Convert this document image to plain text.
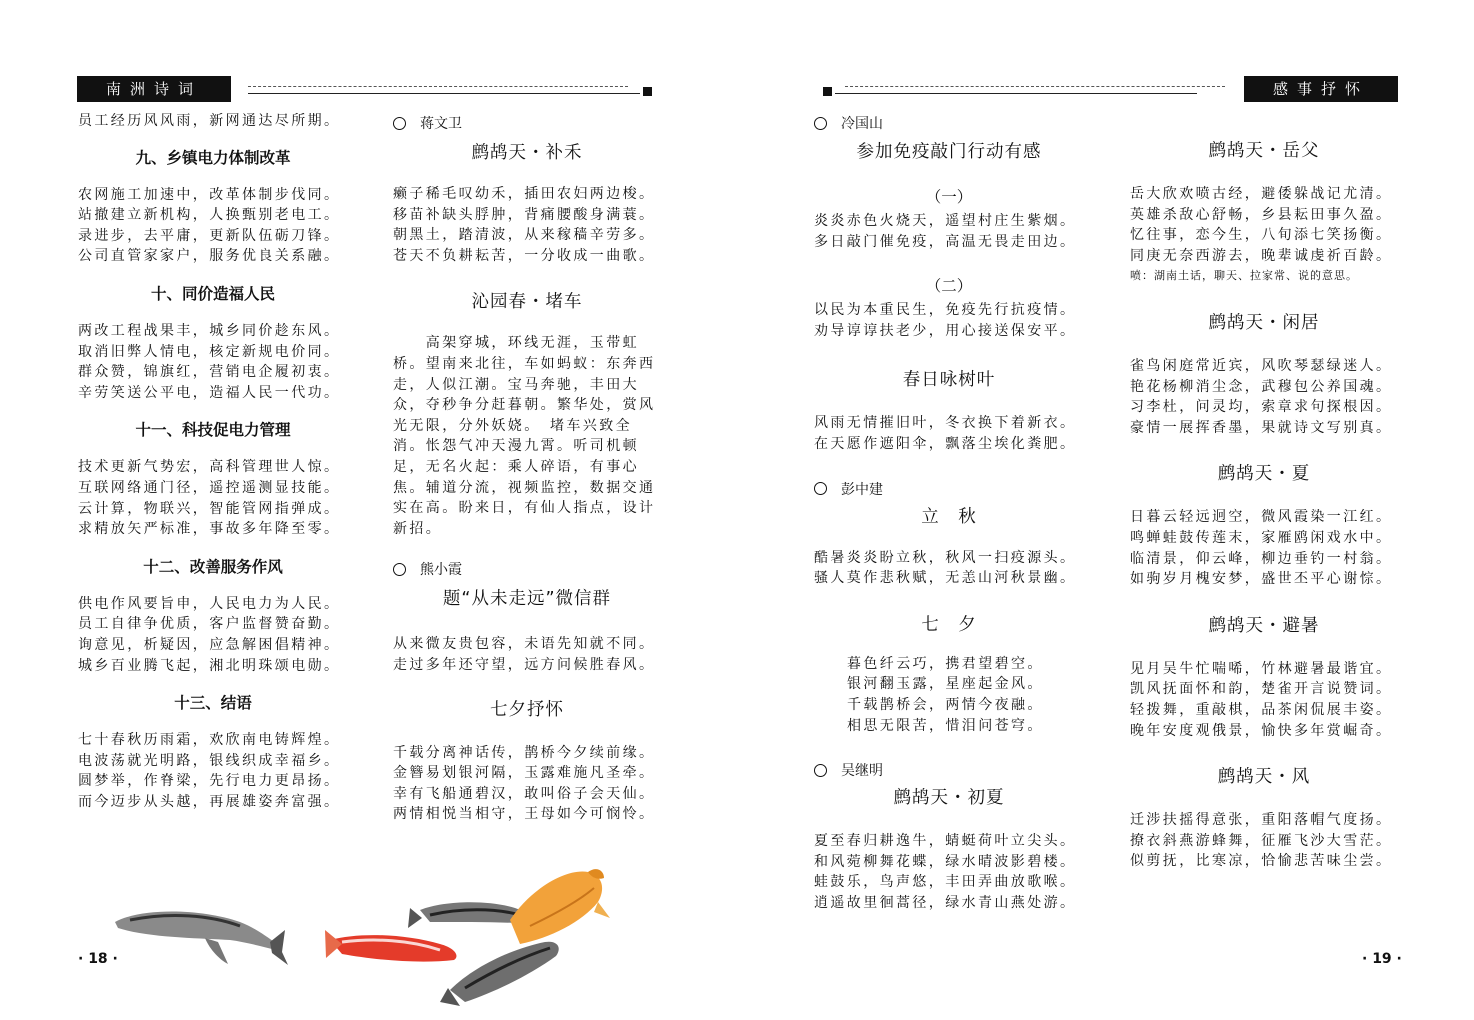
南洲诗词	感事抒怀

员工经历风风雨，新网通达尽所期。

九、乡镇电力体制改革

农网施工加速中，改革体制步伐同。

站撤建立新机构，人换甄别老电工。

录进步，去平庸，更新队伍砺刀锋。

公司直管家家户，服务优良关系融。

十、同价造福人民

两改工程战果丰，城乡同价趁东风。

取消旧弊人情电，核定新规电价同。

群众赞，锦旗红，营销电企履初衷。

辛劳笑送公平电，造福人民一代功。

十一、科技促电力管理

技术更新气势宏，高科管理世人惊。

互联网络通门径，遥控遥测显技能。

云计算，物联兴，智能管网指弹成。

求精放矢严标准，事故多年降至零。

十二、改善服务作风

供电作风要旨申，人民电力为人民。

员工自律争优质，客户监督赞奋勤。

询意见，析疑因，应急解困倡精神。

城乡百业腾飞起，湘北明珠颂电勋。

十三、结语

七十春秋历雨霜，欢欣南电铸辉煌。

电波荡就光明路，银线织成幸福乡。

圆梦举，作脊梁，先行电力更昂扬。

而今迈步从头越，再展雄姿奔富强。

蒋文卫

鹧鸪天・补禾

癞子稀毛叹幼禾，插田农妇两边梭。

移苗补缺头脬肿，背痛腰酸身满蓑。

朝黑土，踏清波，从来稼穑辛劳多。

苍天不负耕耘苦，一分收成一曲歌。

沁园春・堵车

　　高架穿城，环线无涯，玉带虹

桥。望南来北往，车如蚂蚁：东奔西

走，人似江潮。宝马奔驰，丰田大

众，夺秒争分赶暮朝。繁华处，赏风

光无限，分外妖娆。　堵车兴致全

消。怅怨气冲天漫九霄。听司机顿

足，无名火起：乘人碎语，有事心

焦。辅道分流，视频监控，数据交通

实在高。盼来日，有仙人指点，设计

新招。

熊小霞

题“从未走远”微信群

从来微友贵包容，未语先知就不同。

走过多年还守望，远方问候胜春风。

七夕抒怀

千载分离神话传，鹊桥今夕续前缘。

金簪易划银河隔，玉露难施凡圣牵。

幸有飞船通碧汉，敢叫俗子会天仙。

两情相悦当相守，王母如今可悯怜。

冷国山

参加免疫敲门行动有感

（一）

炎炎赤色火烧天，遥望村庄生紫烟。

多日敲门催免疫，高温无畏走田边。

（二）

以民为本重民生，免疫先行抗疫情。

劝导谆谆扶老少，用心接送保安平。

春日咏树叶

风雨无情摧旧叶，冬衣换下着新衣。

在天愿作遮阳伞，飘落尘埃化粪肥。

彭中建

立　秋

酷暑炎炎盼立秋，秋风一扫疫源头。

骚人莫作悲秋赋，无恙山河秋景幽。

七　夕

暮色纤云巧，携君望碧空。

银河翻玉露，星座起金风。

千载鹊桥会，两情今夜融。

相思无限苦，惜泪问苍穹。

吴继明

鹧鸪天・初夏

夏至春归耕逸牛，蜻蜓荷叶立尖头。

和风菀柳舞花蝶，绿水晴波影碧楼。

蛙鼓乐，鸟声悠，丰田弄曲放歌喉。

逍遥故里徊蒿径，绿水青山燕处游。

鹧鸪天・岳父

岳大欣欢喷古经，避倭躲战记尤清。

英雄杀敌心舒畅，乡县耘田事久盈。

忆往事，恋今生，八旬添七笑扬衡。

同庚无奈西游去，晚辈诚虔祈百龄。

喷：湖南土话，聊天、拉家常、说的意思。

鹧鸪天・闲居

雀鸟闲庭常近宾，风吹琴瑟绿迷人。

艳花杨柳消尘念，武穆包公养国魂。

习李杜，问灵均，索章求句探根因。

豪情一展挥香墨，果就诗文写别真。

鹧鸪天・夏

日暮云轻远迥空，微风霞染一江红。

鸣蝉蛙鼓传莲末，家雁鸥闲戏水中。

临清景，仰云峰，柳边垂钓一村翁。

如驹岁月槐安梦，盛世丕平心谢悰。

鹧鸪天・避暑

见月吴牛忙喘唏，竹林避暑最谐宜。

凯风抚面怀和韵，楚雀开言说赞词。

轻拨舞，重敲棋，品茶闲侃展丰姿。

晚年安度观俄景，愉快多年赏崛奇。

鹧鸪天・风

迁涉扶摇得意张，重阳落帽气度扬。

撩衣斜燕游蜂舞，征雁飞沙大雪茫。

似剪抚，比寒凉，恰愉悲苦味尘尝。

· 18 ·	· 19 ·
